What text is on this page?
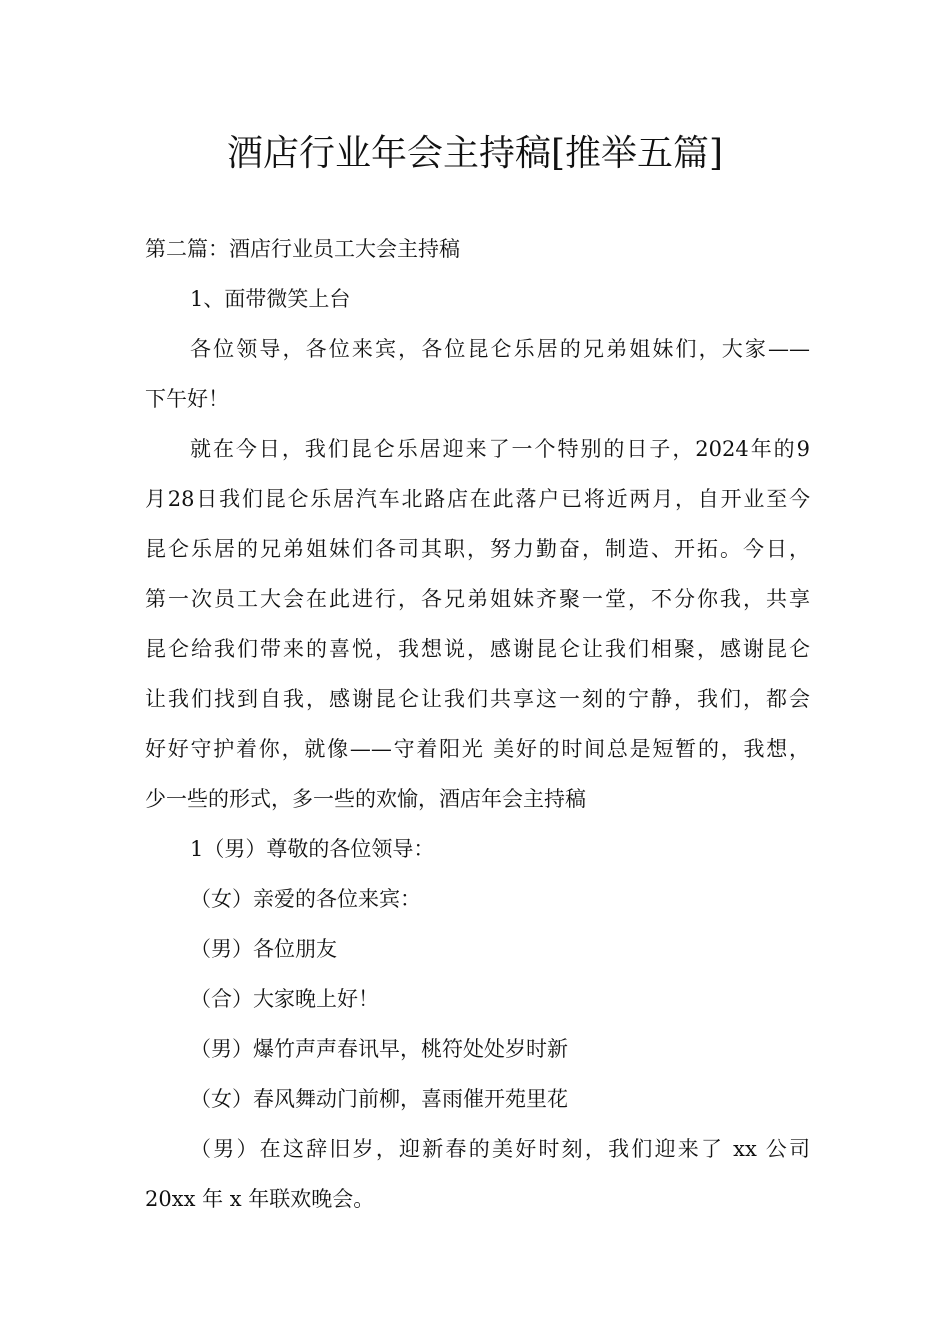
酒店行业年会主持稿[推举五篇]

第二篇：酒店行业员工大会主持稿

1、面带微笑上台

各位领导，各位来宾，各位昆仑乐居的兄弟姐妹们，大家——

下午好！

就在今日，我们昆仑乐居迎来了一个特别的日子，2024年的9

月28日我们昆仑乐居汽车北路店在此落户已将近两月，自开业至今

昆仑乐居的兄弟姐妹们各司其职，努力勤奋，制造、开拓。今日，

第一次员工大会在此进行，各兄弟姐妹齐聚一堂，不分你我，共享

昆仑给我们带来的喜悦，我想说，感谢昆仑让我们相聚，感谢昆仑

让我们找到自我，感谢昆仑让我们共享这一刻的宁静，我们，都会

好好守护着你，就像——守着阳光 美好的时间总是短暂的，我想，

少一些的形式，多一些的欢愉，酒店年会主持稿

1（男）尊敬的各位领导：

（女）亲爱的各位来宾：

（男）各位朋友

（合）大家晚上好！

（男）爆竹声声春讯早，桃符处处岁时新

（女）春风舞动门前柳，喜雨催开苑里花

（男）在这辞旧岁，迎新春的美好时刻，我们迎来了 xx 公司

20xx 年 x 年联欢晚会。
